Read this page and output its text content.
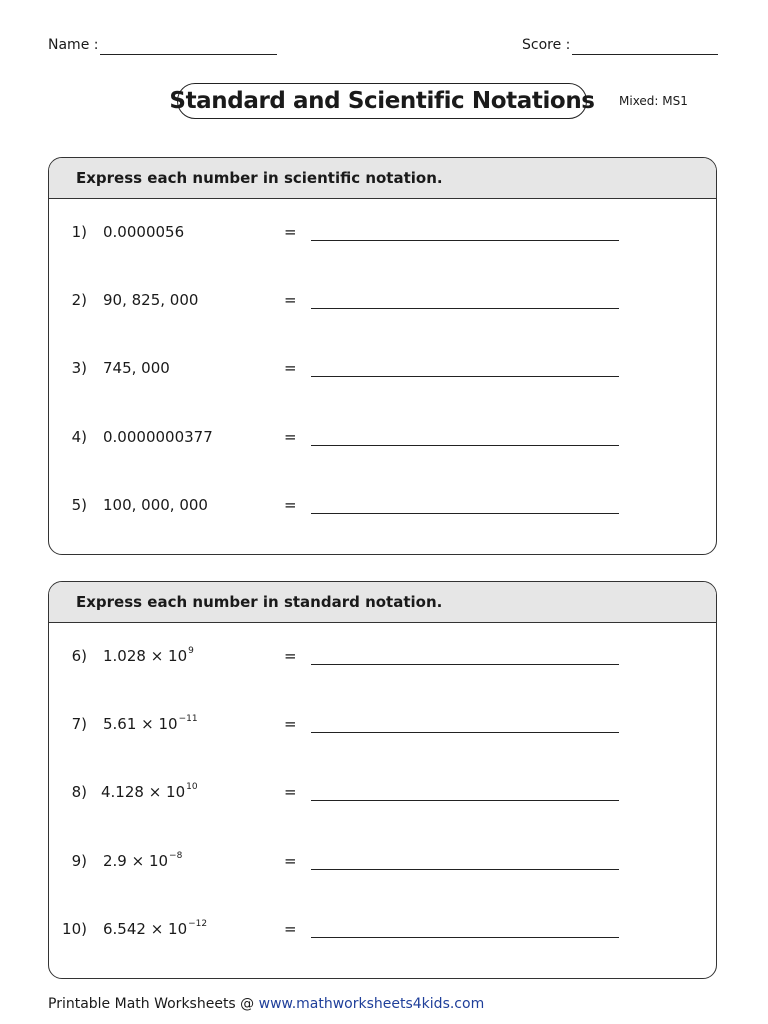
Name :	Score :
Standard and Scientific Notations Mixed: MS1
Express each number in scientific notation.
1) 0.0000056	=
2) 90, 825, 000	=
3) 745, 000	=
4) 0.0000000377	=
5) 100, 000, 000	=
Express each number in standard notation.
6) $1.028 \times 10^9$	=
7) $5.61 \times 10^{-11}$	=
8) $4.128 \times 10^{10}$	=
9) $2.9 \times 10^{-8}$	=
10) $6.542 \times 10^{-12}$	=
Printable Math Worksheets @ www.mathworksheets4kids.com
